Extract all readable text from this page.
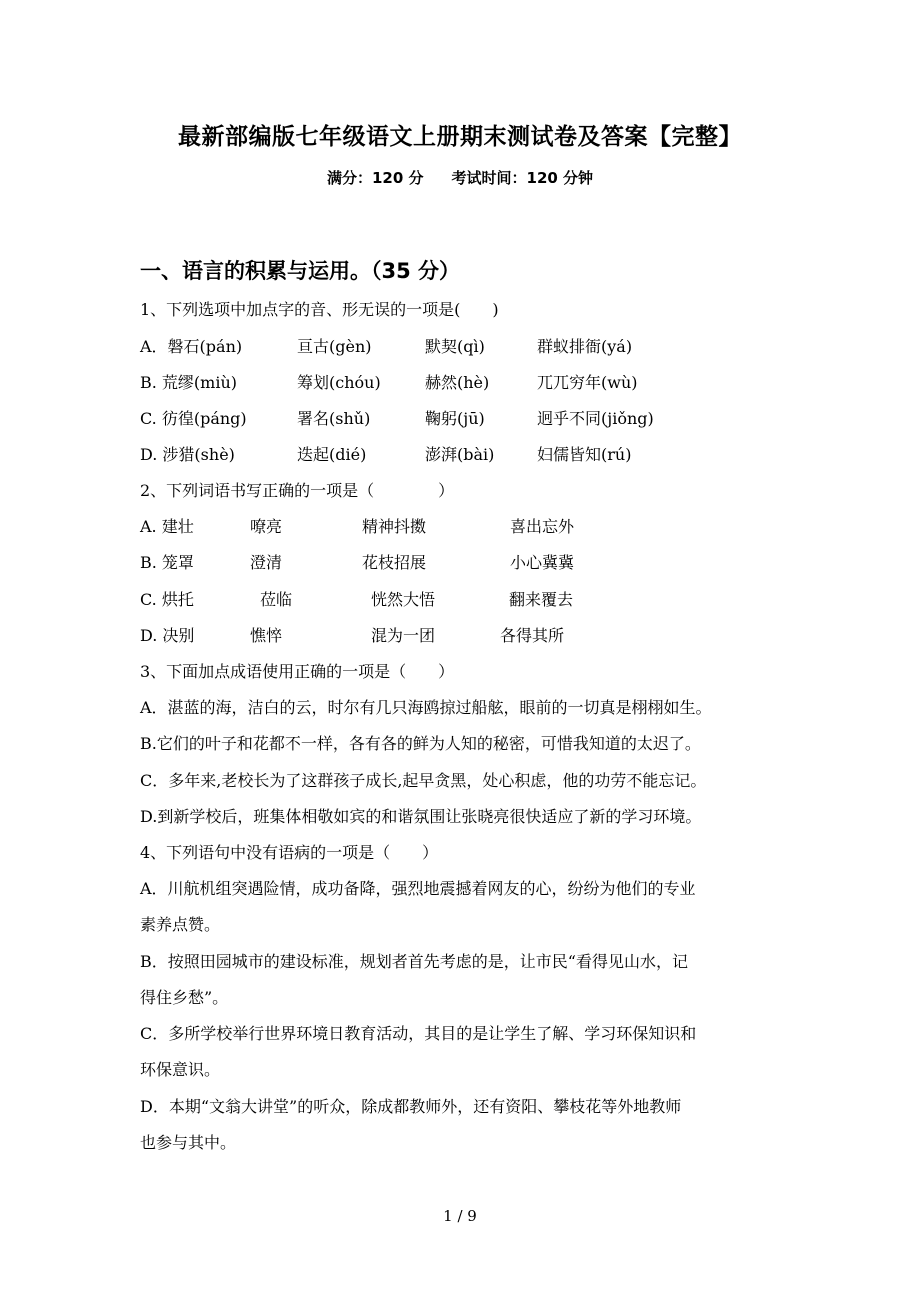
最新部编版七年级语文上册期末测试卷及答案【完整】
满分：120 分 考试时间：120 分钟
一、语言的积累与运用。（35 分）
1、下列选项中加点字的音、形无误的一项是(　　)
A．磐石(pán)	亘古(gèn)	默契(qì)	群蚁排衙(yá)
B. 荒缪(miù)	筹划(chóu)	赫然(hè)	兀兀穷年(wù)
C. 彷徨(páng)	署名(shǔ)	鞠躬(jū)	迥乎不同(jiǒng)
D. 涉猎(shè)	迭起(dié)	澎湃(bài)	妇儒皆知(rú)
2、下列词语书写正确的一项是（　　　　）
A. 建壮	嘹亮	精神抖擞	喜出忘外
B. 笼罩	澄清	花枝招展	小心冀冀
C. 烘托	莅临	恍然大悟	翻来覆去
D. 决别	憔悴	混为一团	各得其所
3、下面加点成语使用正确的一项是（　　）
A．湛蓝的海，洁白的云，时尔有几只海鸥掠过船舷，眼前的一切真是栩栩如生。
B.它们的叶子和花都不一样，各有各的鲜为人知的秘密，可惜我知道的太迟了。
C．多年来,老校长为了这群孩子成长,起早贪黑，处心积虑，他的功劳不能忘记。
D.到新学校后，班集体相敬如宾的和谐氛围让张晓亮很快适应了新的学习环境。
4、下列语句中没有语病的一项是（　　）
A．川航机组突遇险情，成功备降，强烈地震撼着网友的心，纷纷为他们的专业
素养点赞。
B．按照田园城市的建设标准，规划者首先考虑的是，让市民“看得见山水，记
得住乡愁”。
C．多所学校举行世界环境日教育活动，其目的是让学生了解、学习环保知识和
环保意识。
D．本期“文翁大讲堂”的听众，除成都教师外，还有资阳、攀枝花等外地教师
也参与其中。
1 / 9
